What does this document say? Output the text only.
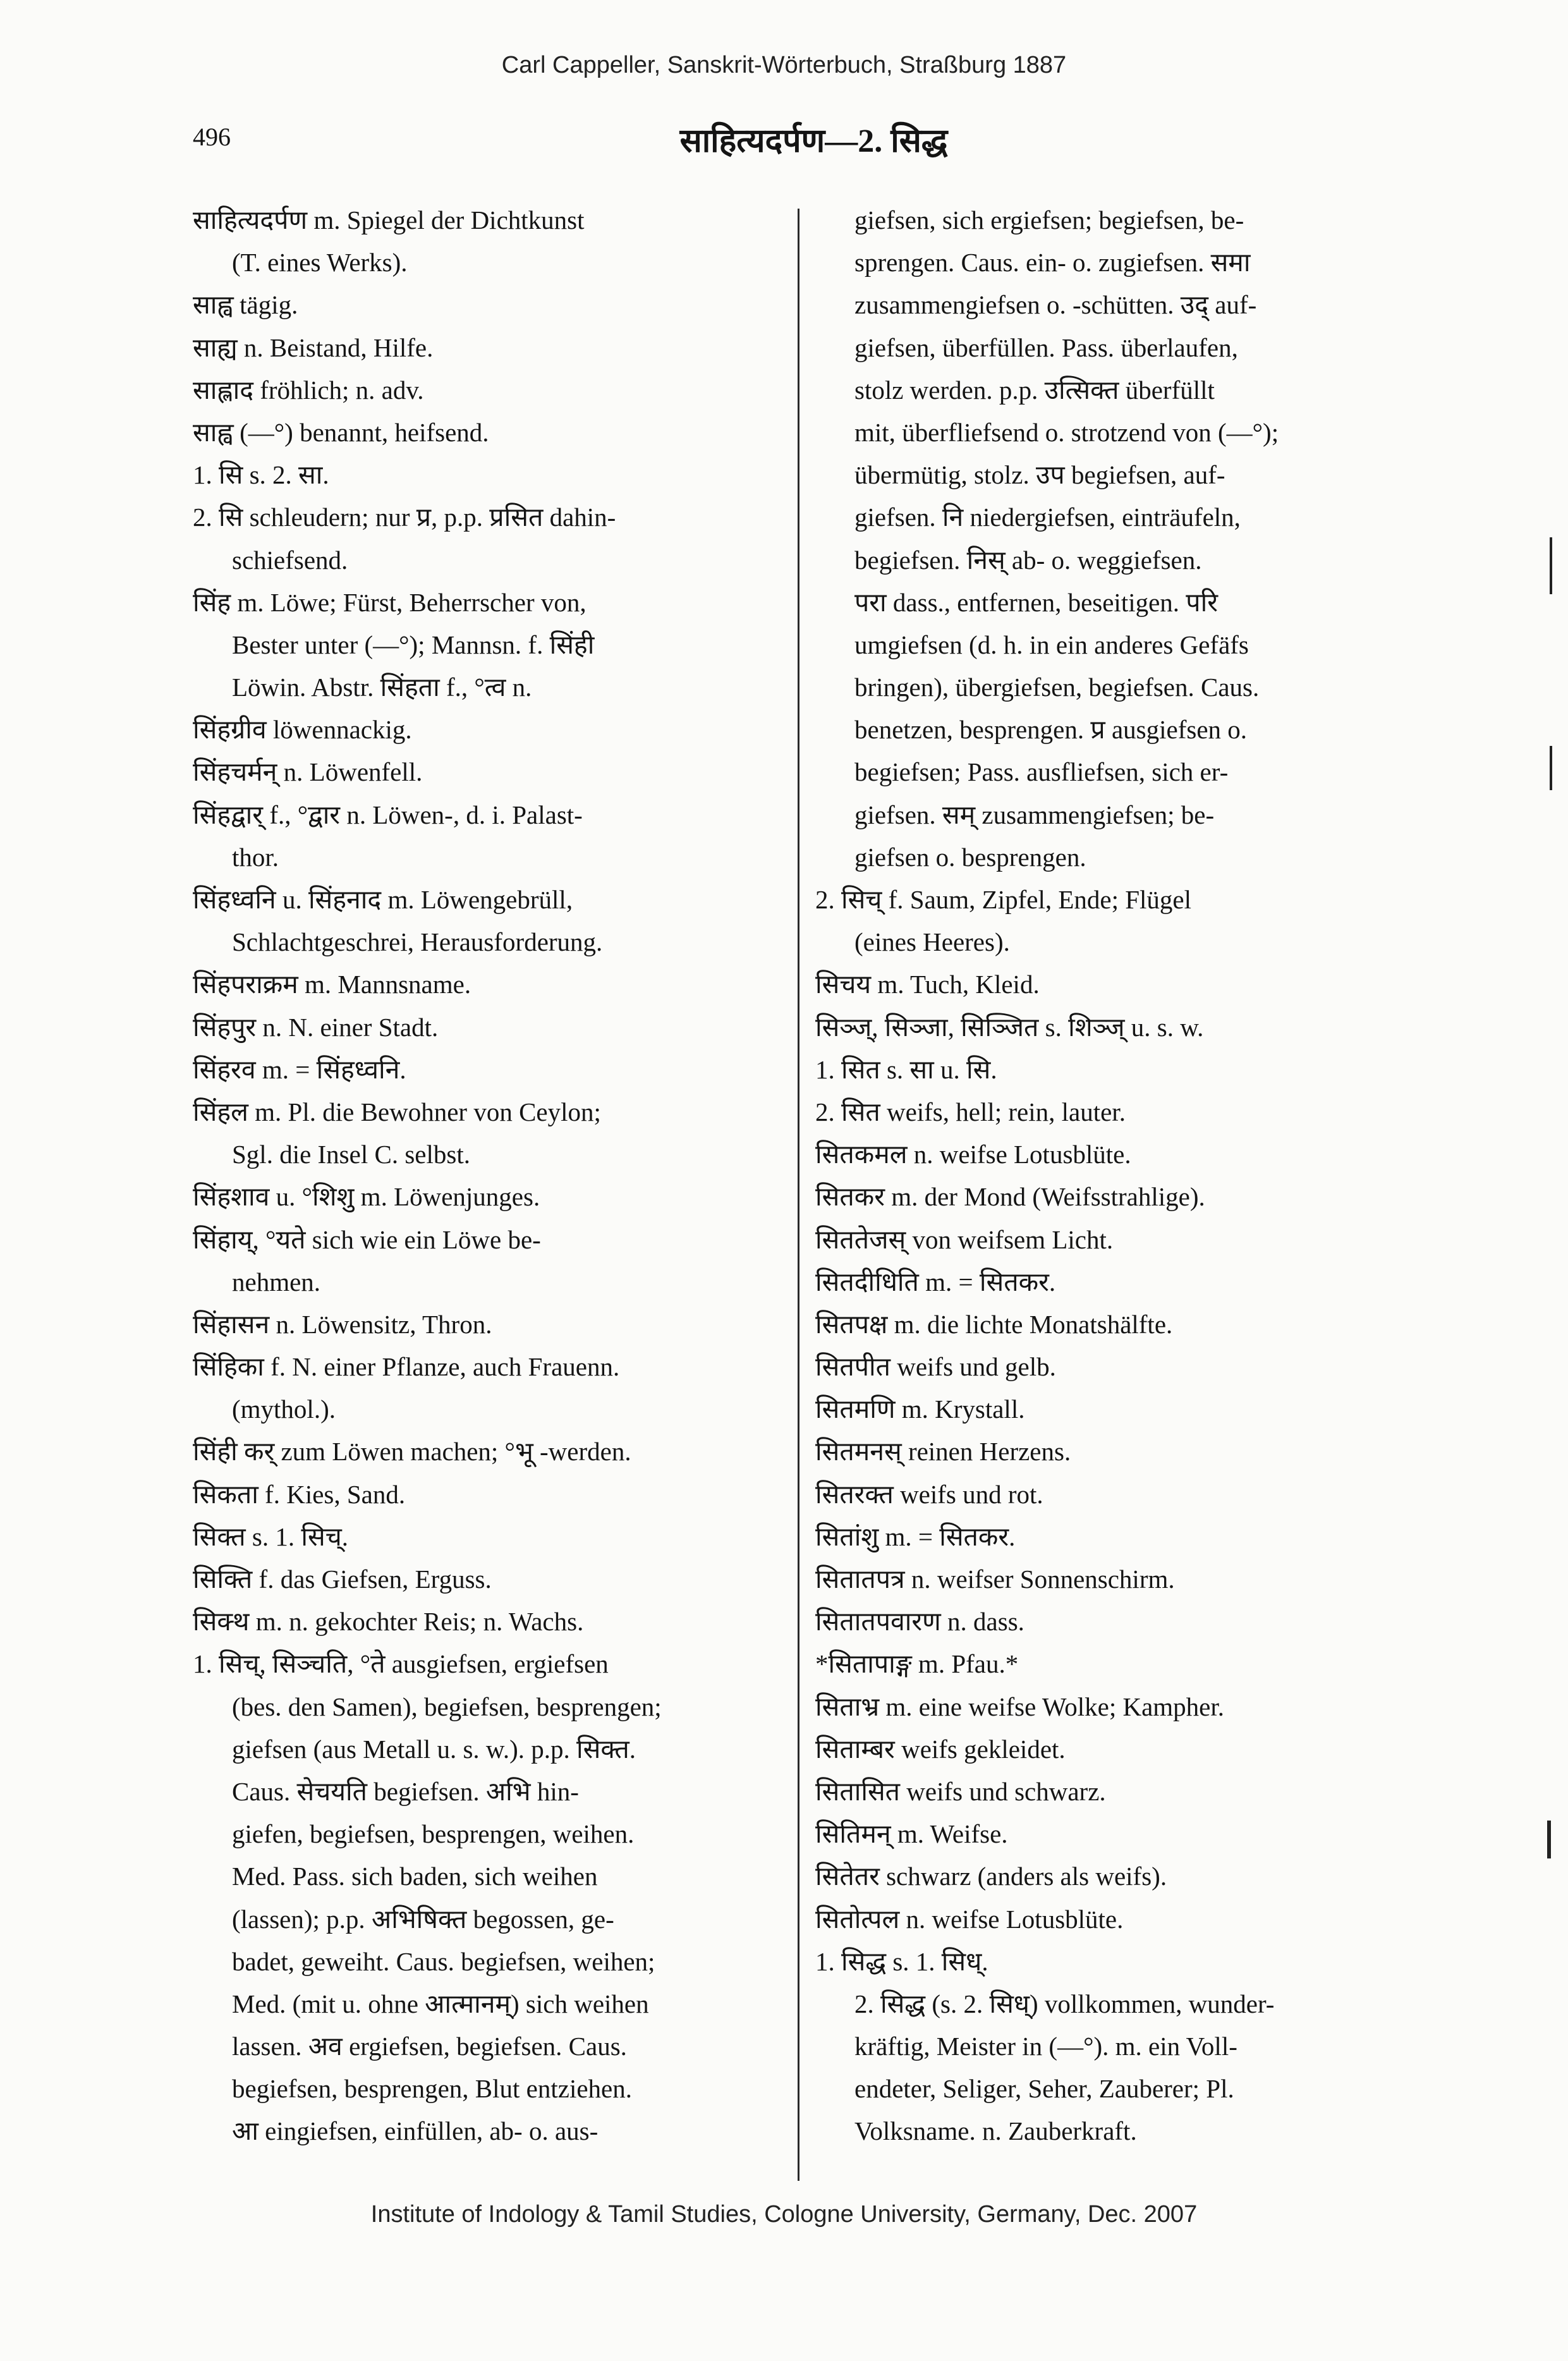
Carl Cappeller, Sanskrit-Wörterbuch, Straßburg 1887
496	साहित्यदर्पण—2. सिद्ध
साहित्यदर्पण m. Spiegel der Dichtkunst
(T. eines Werks).
साह्व tägig.
साह्य n. Beistand, Hilfe.
साह्लाद fröhlich; n. adv.
साह्व (—°) benannt, heifsend.
1. सि s. 2. सा.
2. सि schleudern; nur प्र, p.p. प्रसित dahin-
schiefsend.
सिंह m. Löwe; Fürst, Beherrscher von,
Bester unter (—°); Mannsn. f. सिंही
Löwin. Abstr. सिंहता f., °त्व n.
सिंहग्रीव löwennackig.
सिंहचर्मन् n. Löwenfell.
सिंहद्वार् f., °द्वार n. Löwen-, d. i. Palast-
thor.
सिंहध्वनि u. सिंहनाद m. Löwengebrüll,
Schlachtgeschrei, Herausforderung.
सिंहपराक्रम m. Mannsname.
सिंहपुर n. N. einer Stadt.
सिंहरव m. = सिंहध्वनि.
सिंहल m. Pl. die Bewohner von Ceylon;
Sgl. die Insel C. selbst.
सिंहशाव u. °शिशु m. Löwenjunges.
सिंहाय्, °यते sich wie ein Löwe be-
nehmen.
सिंहासन n. Löwensitz, Thron.
सिंहिका f. N. einer Pflanze, auch Frauenn.
(mythol.).
सिंही कर् zum Löwen machen; °भू -werden.
सिकता f. Kies, Sand.
सिक्त s. 1. सिच्.
सिक्ति f. das Giefsen, Erguss.
सिक्थ m. n. gekochter Reis; n. Wachs.
1. सिच्, सिञ्चति, °ते ausgiefsen, ergiefsen
(bes. den Samen), begiefsen, besprengen;
giefsen (aus Metall u. s. w.). p.p. सिक्त.
Caus. सेचयति begiefsen. अभि hin-
giefen, begiefsen, besprengen, weihen.
Med. Pass. sich baden, sich weihen
(lassen); p.p. अभिषिक्त begossen, ge-
badet, geweiht. Caus. begiefsen, weihen;
Med. (mit u. ohne आत्मानम्) sich weihen
lassen. अव ergiefsen, begiefsen. Caus.
begiefsen, besprengen, Blut entziehen.
आ eingiefsen, einfüllen, ab- o. aus-
giefsen, sich ergiefsen; begiefsen, be-
sprengen. Caus. ein- o. zugiefsen. समा
zusammengiefsen o. -schütten. उद् auf-
giefsen, überfüllen. Pass. überlaufen,
stolz werden. p.p. उत्सिक्त überfüllt
mit, überfliefsend o. strotzend von (—°);
übermütig, stolz. उप begiefsen, auf-
giefsen. नि niedergiefsen, einträufeln,
begiefsen. निस् ab- o. weggiefsen.
परा dass., entfernen, beseitigen. परि
umgiefsen (d. h. in ein anderes Gefäfs
bringen), übergiefsen, begiefsen. Caus.
benetzen, besprengen. प्र ausgiefsen o.
begiefsen; Pass. ausfliefsen, sich er-
giefsen. सम् zusammengiefsen; be-
giefsen o. besprengen.
2. सिच् f. Saum, Zipfel, Ende; Flügel
(eines Heeres).
सिचय m. Tuch, Kleid.
सिञ्ज्, सिञ्जा, सिञ्जित s. शिञ्ज् u. s. w.
1. सित s. सा u. सि.
2. सित weifs, hell; rein, lauter.
सितकमल n. weifse Lotusblüte.
सितकर m. der Mond (Weifsstrahlige).
सिततेजस् von weifsem Licht.
सितदीधिति m. = सितकर.
सितपक्ष m. die lichte Monatshälfte.
सितपीत weifs und gelb.
सितमणि m. Krystall.
सितमनस् reinen Herzens.
सितरक्त weifs und rot.
सितांशु m. = सितकर.
सितातपत्र n. weifser Sonnenschirm.
सितातपवारण n. dass.
*सितापाङ्ग m. Pfau.*
सिताभ्र m. eine weifse Wolke; Kampher.
सिताम्बर weifs gekleidet.
सितासित weifs und schwarz.
सितिमन् m. Weifse.
सितेतर schwarz (anders als weifs).
सितोत्पल n. weifse Lotusblüte.
1. सिद्ध s. 1. सिध्.
2. सिद्ध (s. 2. सिध्) vollkommen, wunder-
kräftig, Meister in (—°). m. ein Voll-
endeter, Seliger, Seher, Zauberer; Pl.
Volksname. n. Zauberkraft.
Institute of Indology & Tamil Studies, Cologne University, Germany, Dec. 2007
